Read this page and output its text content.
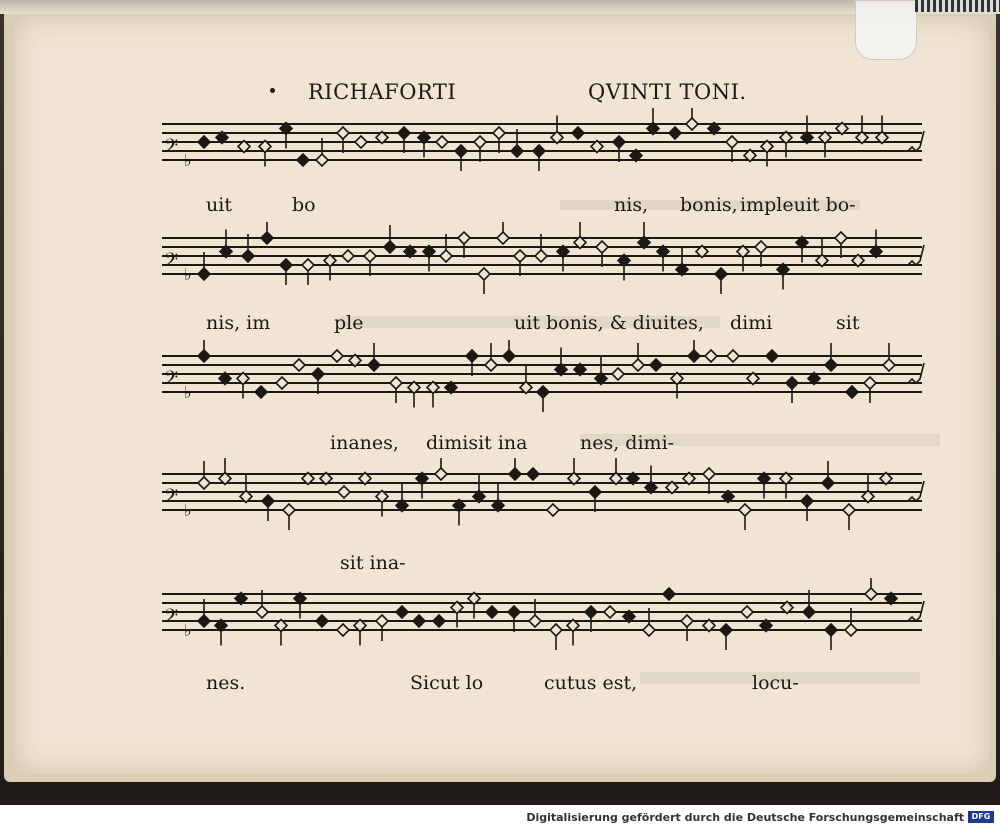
RICHAFORTI	QVINTI TONI.
𝄢 ♭
𝄢 ♭
𝄢 ♭
𝄢 ♭
𝄢 ♭
uit	bo	nis, bonis, impleuit bo-
nis, im	ple	uit bonis, & diuites, dimi	sit
inanes, dimisit ina	nes, dimi-
sit ina-
nes.	Sicut lo	cutus est,	locu-
Digitalisierung gefördert durch die Deutsche Forschungsgemeinschaft DFG
